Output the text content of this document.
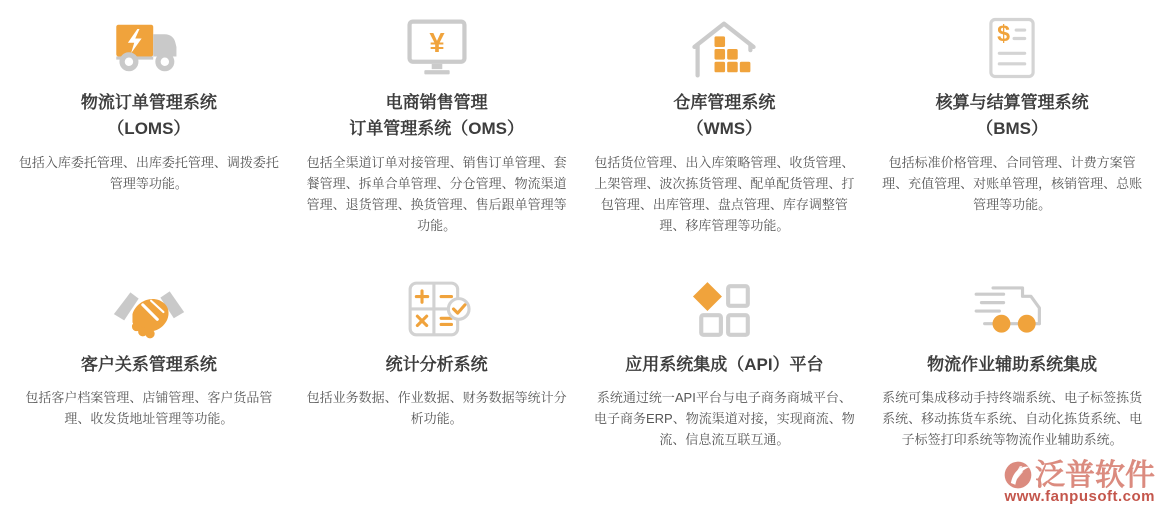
物流订单管理系统
（LOMS）
包括入库委托管理、出库委托管理、调拨委托管理等功能。
¥
电商销售管理
订单管理系统（OMS）
包括全渠道订单对接管理、销售订单管理、套餐管理、拆单合单管理、分仓管理、物流渠道管理、退货管理、换货管理、售后跟单管理等功能。
仓库管理系统
（WMS）
包括货位管理、出入库策略管理、收货管理、上架管理、波次拣货管理、配单配货管理、打包管理、出库管理、盘点管理、库存调整管理、移库管理等功能。
$
核算与结算管理系统
（BMS）
包括标准价格管理、合同管理、计费方案管理、充值管理、对账单管理，核销管理、总账管理等功能。
客户关系管理系统
包括客户档案管理、店铺管理、客户货品管理、收发货地址管理等功能。
统计分析系统
包括业务数据、作业数据、财务数据等统计分析功能。
应用系统集成（API）平台
系统通过统一API平台与电子商务商城平台、电子商务ERP、物流渠道对接，实现商流、物流、信息流互联互通。
物流作业辅助系统集成
系统可集成移动手持终端系统、电子标签拣货系统、移动拣货车系统、自动化拣货系统、电子标签打印系统等物流作业辅助系统。
泛普软件
www.fanpusoft.com
